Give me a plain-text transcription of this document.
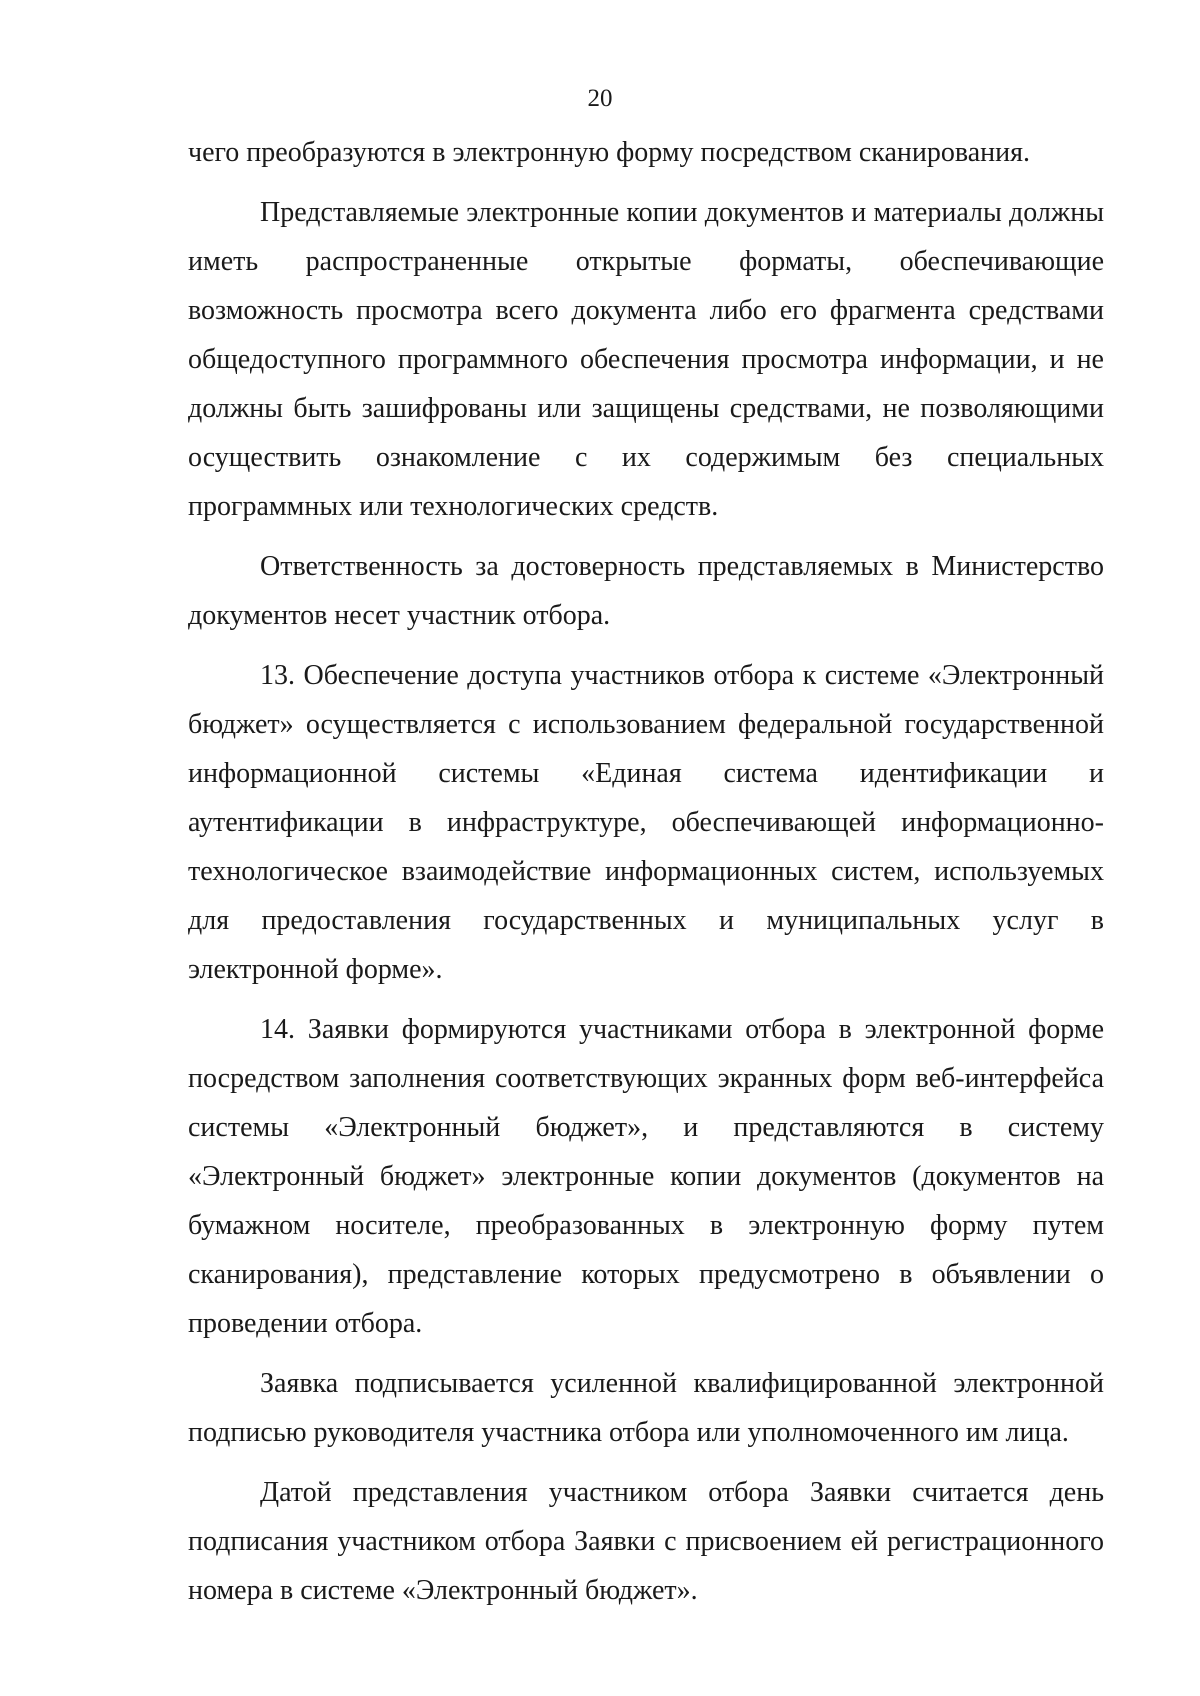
20

чего преобразуются в электронную форму посредством сканирования.

Представляемые электронные копии документов и материалы должны иметь распространенные открытые форматы, обеспечивающие возможность просмотра всего документа либо его фрагмента средствами общедоступного программного обеспечения просмотра информации, и не должны быть зашифрованы или защищены средствами, не позволяющими осуществить ознакомление с их содержимым без специальных программных или технологических средств.

Ответственность за достоверность представляемых в Министерство документов несет участник отбора.

13. Обеспечение доступа участников отбора к системе «Электронный бюджет» осуществляется с использованием федеральной государственной информационной системы «Единая система идентификации и аутентификации в инфраструктуре, обеспечивающей информационно-технологическое взаимодействие информационных систем, используемых для предоставления государственных и муниципальных услуг в электронной форме».

14. Заявки формируются участниками отбора в электронной форме посредством заполнения соответствующих экранных форм веб-интерфейса системы «Электронный бюджет», и представляются в систему «Электронный бюджет» электронные копии документов (документов на бумажном носителе, преобразованных в электронную форму путем сканирования), представление которых предусмотрено в объявлении о проведении отбора.

Заявка подписывается усиленной квалифицированной электронной подписью руководителя участника отбора или уполномоченного им лица.

Датой представления участником отбора Заявки считается день подписания участником отбора Заявки с присвоением ей регистрационного номера в системе «Электронный бюджет».
